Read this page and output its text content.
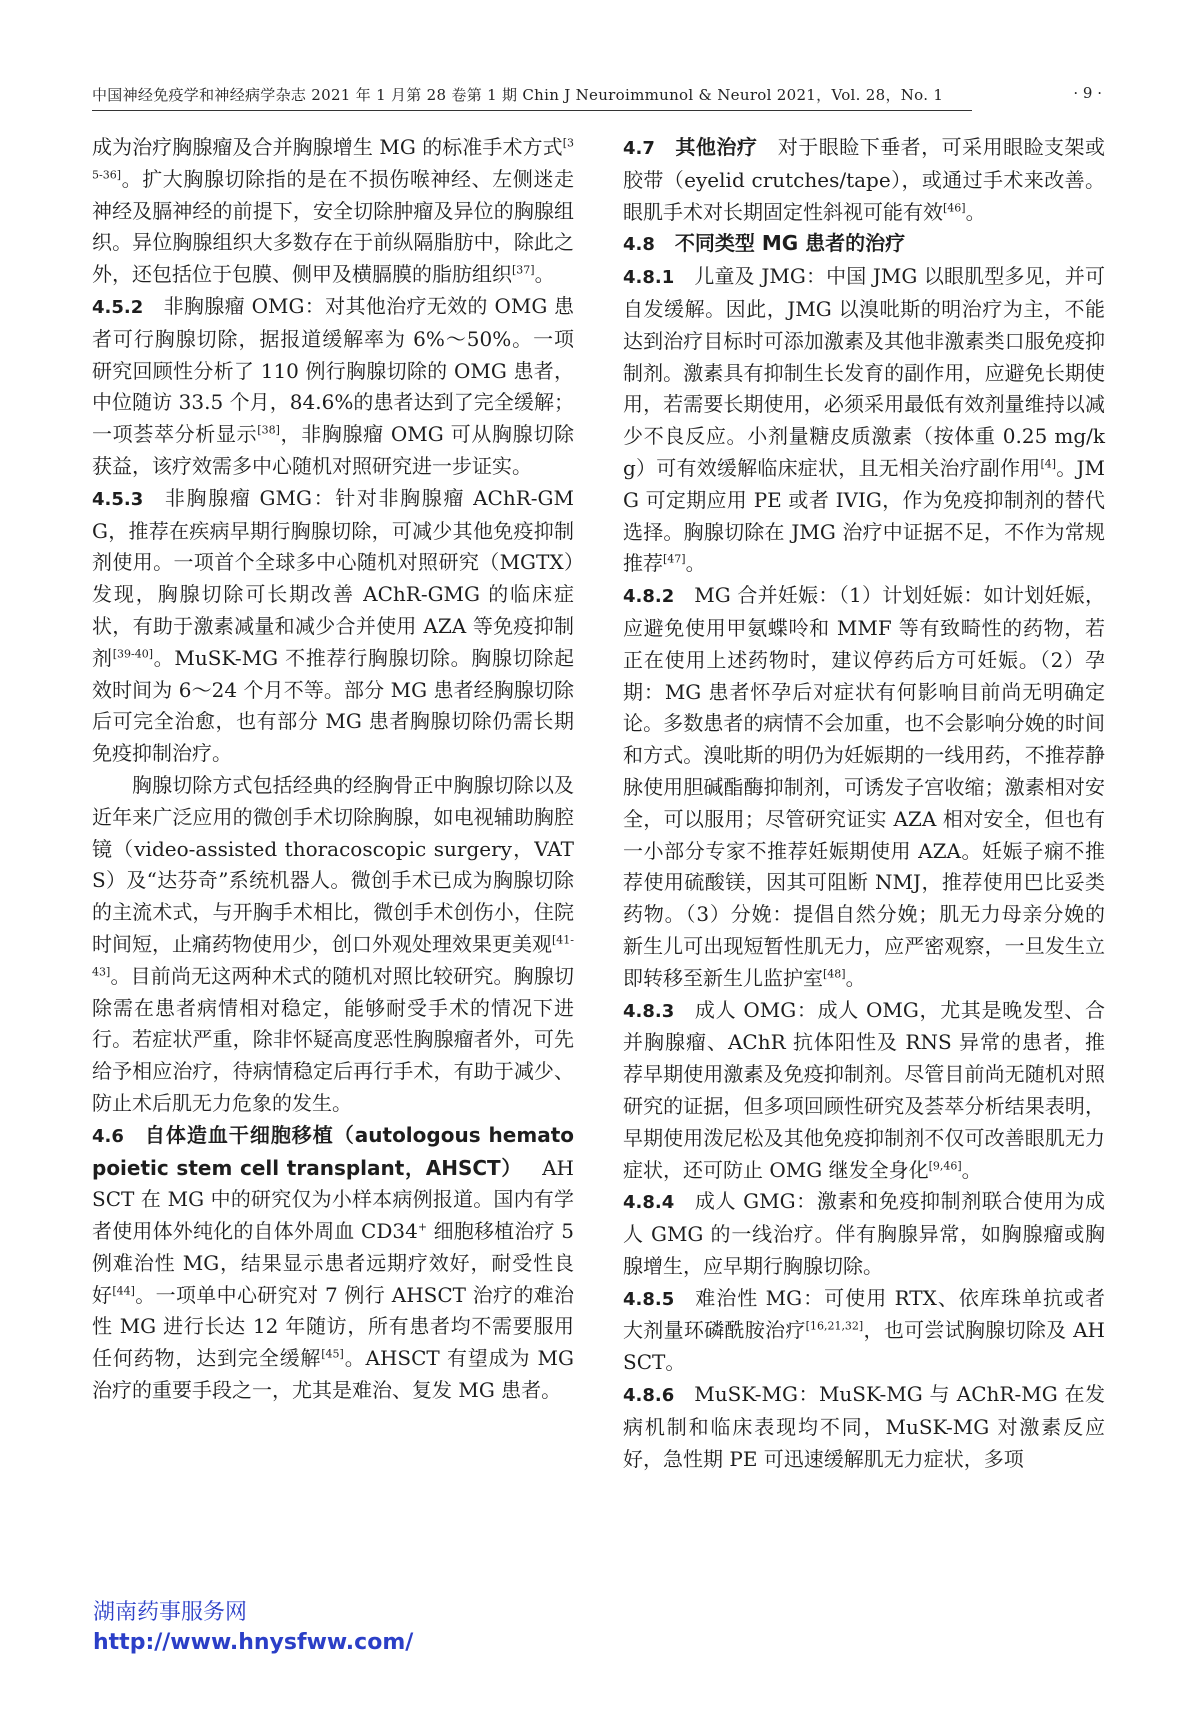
中国神经免疫学和神经病学杂志 2021 年 1 月第 28 卷第 1 期 Chin J Neuroimmunol & Neurol 2021，Vol. 28，No. 1	· 9 ·

成为治疗胸腺瘤及合并胸腺增生 MG 的标准手术方式[35-36]。扩大胸腺切除指的是在不损伤喉神经、左侧迷走神经及膈神经的前提下，安全切除肿瘤及异位的胸腺组织。异位胸腺组织大多数存在于前纵隔脂肪中，除此之外，还包括位于包膜、侧甲及横膈膜的脂肪组织[37]。

4.5.2  非胸腺瘤 OMG：对其他治疗无效的 OMG 患者可行胸腺切除，据报道缓解率为 6%～50%。一项研究回顾性分析了 110 例行胸腺切除的 OMG 患者，中位随访 33.5 个月，84.6%的患者达到了完全缓解；一项荟萃分析显示[38]，非胸腺瘤 OMG 可从胸腺切除获益，该疗效需多中心随机对照研究进一步证实。

4.5.3  非胸腺瘤 GMG：针对非胸腺瘤 AChR-GMG，推荐在疾病早期行胸腺切除，可减少其他免疫抑制剂使用。一项首个全球多中心随机对照研究（MGTX）发现，胸腺切除可长期改善 AChR-GMG 的临床症状，有助于激素减量和减少合并使用 AZA 等免疫抑制剂[39-40]。MuSK-MG 不推荐行胸腺切除。胸腺切除起效时间为 6～24 个月不等。部分 MG 患者经胸腺切除后可完全治愈，也有部分 MG 患者胸腺切除仍需长期免疫抑制治疗。

胸腺切除方式包括经典的经胸骨正中胸腺切除以及近年来广泛应用的微创手术切除胸腺，如电视辅助胸腔镜（video-assisted thoracoscopic surgery，VATS）及“达芬奇”系统机器人。微创手术已成为胸腺切除的主流术式，与开胸手术相比，微创手术创伤小，住院时间短，止痛药物使用少，创口外观处理效果更美观[41-43]。目前尚无这两种术式的随机对照比较研究。胸腺切除需在患者病情相对稳定，能够耐受手术的情况下进行。若症状严重，除非怀疑高度恶性胸腺瘤者外，可先给予相应治疗，待病情稳定后再行手术，有助于减少、防止术后肌无力危象的发生。

4.6  自体造血干细胞移植（autologous hematopoietic stem cell transplant，AHSCT）  AHSCT 在 MG 中的研究仅为小样本病例报道。国内有学者使用体外纯化的自体外周血 CD34+ 细胞移植治疗 5 例难治性 MG，结果显示患者远期疗效好，耐受性良好[44]。一项单中心研究对 7 例行 AHSCT 治疗的难治性 MG 进行长达 12 年随访，所有患者均不需要服用任何药物，达到完全缓解[45]。AHSCT 有望成为 MG 治疗的重要手段之一，尤其是难治、复发 MG 患者。

4.7  其他治疗  对于眼睑下垂者，可采用眼睑支架或胶带（eyelid crutches/tape），或通过手术来改善。眼肌手术对长期固定性斜视可能有效[46]。

4.8  不同类型 MG 患者的治疗

4.8.1  儿童及 JMG：中国 JMG 以眼肌型多见，并可自发缓解。因此，JMG 以溴吡斯的明治疗为主，不能达到治疗目标时可添加激素及其他非激素类口服免疫抑制剂。激素具有抑制生长发育的副作用，应避免长期使用，若需要长期使用，必须采用最低有效剂量维持以减少不良反应。小剂量糖皮质激素（按体重 0.25 mg/kg）可有效缓解临床症状，且无相关治疗副作用[4]。JMG 可定期应用 PE 或者 IVIG，作为免疫抑制剂的替代选择。胸腺切除在 JMG 治疗中证据不足，不作为常规推荐[47]。

4.8.2  MG 合并妊娠：（1）计划妊娠：如计划妊娠，应避免使用甲氨蝶呤和 MMF 等有致畸性的药物，若正在使用上述药物时，建议停药后方可妊娠。（2）孕期：MG 患者怀孕后对症状有何影响目前尚无明确定论。多数患者的病情不会加重，也不会影响分娩的时间和方式。溴吡斯的明仍为妊娠期的一线用药，不推荐静脉使用胆碱酯酶抑制剂，可诱发子宫收缩；激素相对安全，可以服用；尽管研究证实 AZA 相对安全，但也有一小部分专家不推荐妊娠期使用 AZA。妊娠子痫不推荐使用硫酸镁，因其可阻断 NMJ，推荐使用巴比妥类药物。（3）分娩：提倡自然分娩；肌无力母亲分娩的新生儿可出现短暂性肌无力，应严密观察，一旦发生立即转移至新生儿监护室[48]。

4.8.3  成人 OMG：成人 OMG，尤其是晚发型、合并胸腺瘤、AChR 抗体阳性及 RNS 异常的患者，推荐早期使用激素及免疫抑制剂。尽管目前尚无随机对照研究的证据，但多项回顾性研究及荟萃分析结果表明，早期使用泼尼松及其他免疫抑制剂不仅可改善眼肌无力症状，还可防止 OMG 继发全身化[9,46]。

4.8.4  成人 GMG：激素和免疫抑制剂联合使用为成人 GMG 的一线治疗。伴有胸腺异常，如胸腺瘤或胸腺增生，应早期行胸腺切除。

4.8.5  难治性 MG：可使用 RTX、依库珠单抗或者大剂量环磷酰胺治疗[16,21,32]，也可尝试胸腺切除及 AHSCT。

4.8.6  MuSK-MG：MuSK-MG 与 AChR-MG 在发病机制和临床表现均不同，MuSK-MG 对激素反应好，急性期 PE 可迅速缓解肌无力症状，多项

湖南药事服务网
http://www.hnysfww.com/
